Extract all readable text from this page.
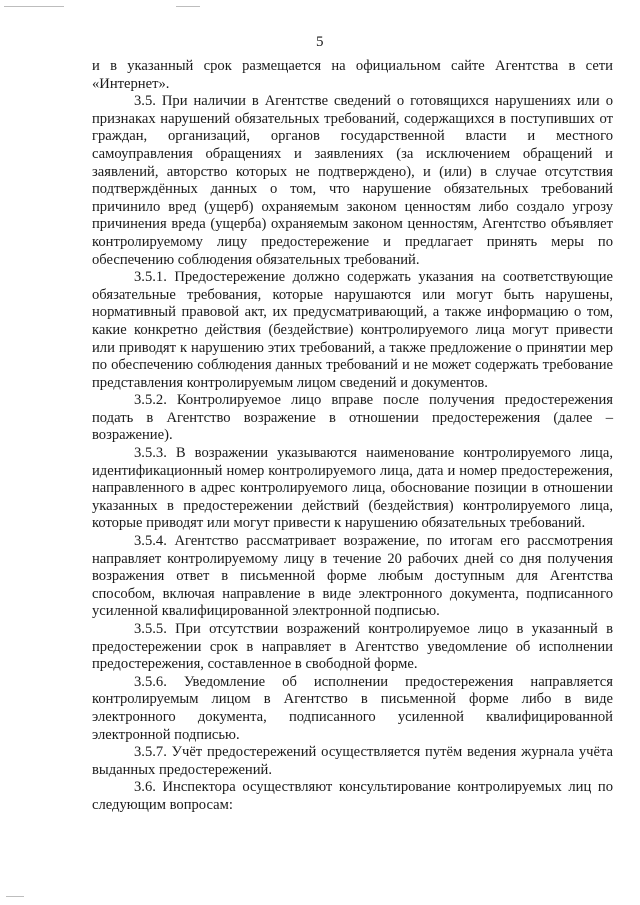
5

и в указанный срок размещается на официальном сайте Агентства в сети «Интернет».

3.5. При наличии в Агентстве сведений о готовящихся нарушениях или о признаках нарушений обязательных требований, содержащихся в поступивших от граждан, организаций, органов государственной власти и местного самоуправления обращениях и заявлениях (за исключением обращений и заявлений, авторство которых не подтверждено), и (или) в случае отсутствия подтверждённых данных о том, что нарушение обязательных требований причинило вред (ущерб) охраняемым законом ценностям либо создало угрозу причинения вреда (ущерба) охраняемым законом ценностям, Агентство объявляет контролируемому лицу предостережение и предлагает принять меры по обеспечению соблюдения обязательных требований.

3.5.1. Предостережение должно содержать указания на соответствующие обязательные требования, которые нарушаются или могут быть нарушены, нормативный правовой акт, их предусматривающий, а также информацию о том, какие конкретно действия (бездействие) контролируемого лица могут привести или приводят к нарушению этих требований, а также предложение о принятии мер по обеспечению соблюдения данных требований и не может содержать требование представления контролируемым лицом сведений и документов.

3.5.2. Контролируемое лицо вправе после получения предостережения подать в Агентство возражение в отношении предостережения (далее – возражение).

3.5.3. В возражении указываются наименование контролируемого лица, идентификационный номер контролируемого лица, дата и номер предостережения, направленного в адрес контролируемого лица, обоснование позиции в отношении указанных в предостережении действий (бездействия) контролируемого лица, которые приводят или могут привести к нарушению обязательных требований.

3.5.4. Агентство рассматривает возражение, по итогам его рассмотрения направляет контролируемому лицу в течение 20 рабочих дней со дня получения возражения ответ в письменной форме любым доступным для Агентства способом, включая направление в виде электронного документа, подписанного усиленной квалифицированной электронной подписью.

3.5.5. При отсутствии возражений контролируемое лицо в указанный в предостережении срок в направляет в Агентство уведомление об исполнении предостережения, составленное в свободной форме.

3.5.6. Уведомление об исполнении предостережения направляется контролируемым лицом в Агентство в письменной форме либо в виде электронного документа, подписанного усиленной квалифицированной электронной подписью.

3.5.7. Учёт предостережений осуществляется путём ведения журнала учёта выданных предостережений.

3.6. Инспектора осуществляют консультирование контролируемых лиц по следующим вопросам:
